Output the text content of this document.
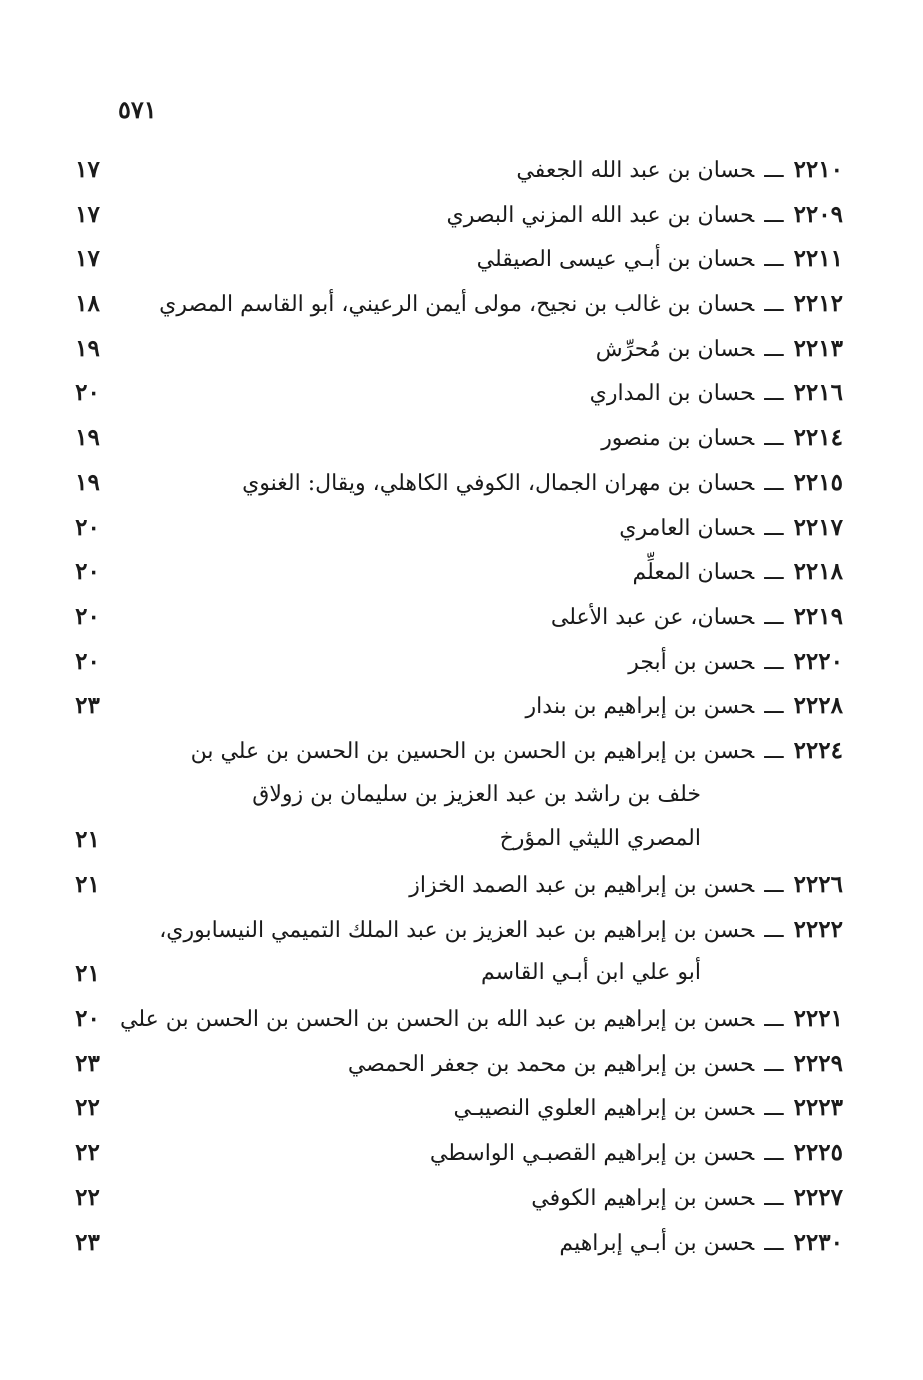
٥٧١
٢٢١٠ـــحسان بن عبد الله الجعفي
١٧
٢٢٠٩ـــحسان بن عبد الله المزني البصري
١٧
٢٢١١ـــحسان بن أبـي عيسى الصيقلي
١٧
٢٢١٢ـــحسان بن غالب بن نجيح، مولى أيمن الرعيني، أبو القاسم المصري
١٨
٢٢١٣ـــحسان بن مُحرِّش
١٩
٢٢١٦ـــحسان بن المداري
٢٠
٢٢١٤ـــحسان بن منصور
١٩
٢٢١٥ـــحسان بن مهران الجمال، الكوفي الكاهلي، ويقال: الغنوي
١٩
٢٢١٧ـــحسان العامري
٢٠
٢٢١٨ـــحسان المعلِّم
٢٠
٢٢١٩ـــحسان، عن عبد الأعلى
٢٠
٢٢٢٠ـــحسن بن أبجر
٢٠
٢٢٢٨ـــحسن بن إبراهيم بن بندار
٢٣
٢٢٢٤ـــحسن بن إبراهيم بن الحسن بن الحسين بن الحسن بن علي بن
خلف بن راشد بن عبد العزيز بن سليمان بن زولاق
المصري الليثي المؤرخ
٢١
٢٢٢٦ـــحسن بن إبراهيم بن عبد الصمد الخزاز
٢١
٢٢٢٢ـــحسن بن إبراهيم بن عبد العزيز بن عبد الملك التميمي النيسابوري،
أبو علي ابن أبـي القاسم
٢١
٢٢٢١ـــحسن بن إبراهيم بن عبد الله بن الحسن بن الحسن بن الحسن بن علي
٢٠
٢٢٢٩ـــحسن بن إبراهيم بن محمد بن جعفر الحمصي
٢٣
٢٢٢٣ـــحسن بن إبراهيم العلوي النصيبـي
٢٢
٢٢٢٥ـــحسن بن إبراهيم القصبـي الواسطي
٢٢
٢٢٢٧ـــحسن بن إبراهيم الكوفي
٢٢
٢٢٣٠ـــحسن بن أبـي إبراهيم
٢٣
